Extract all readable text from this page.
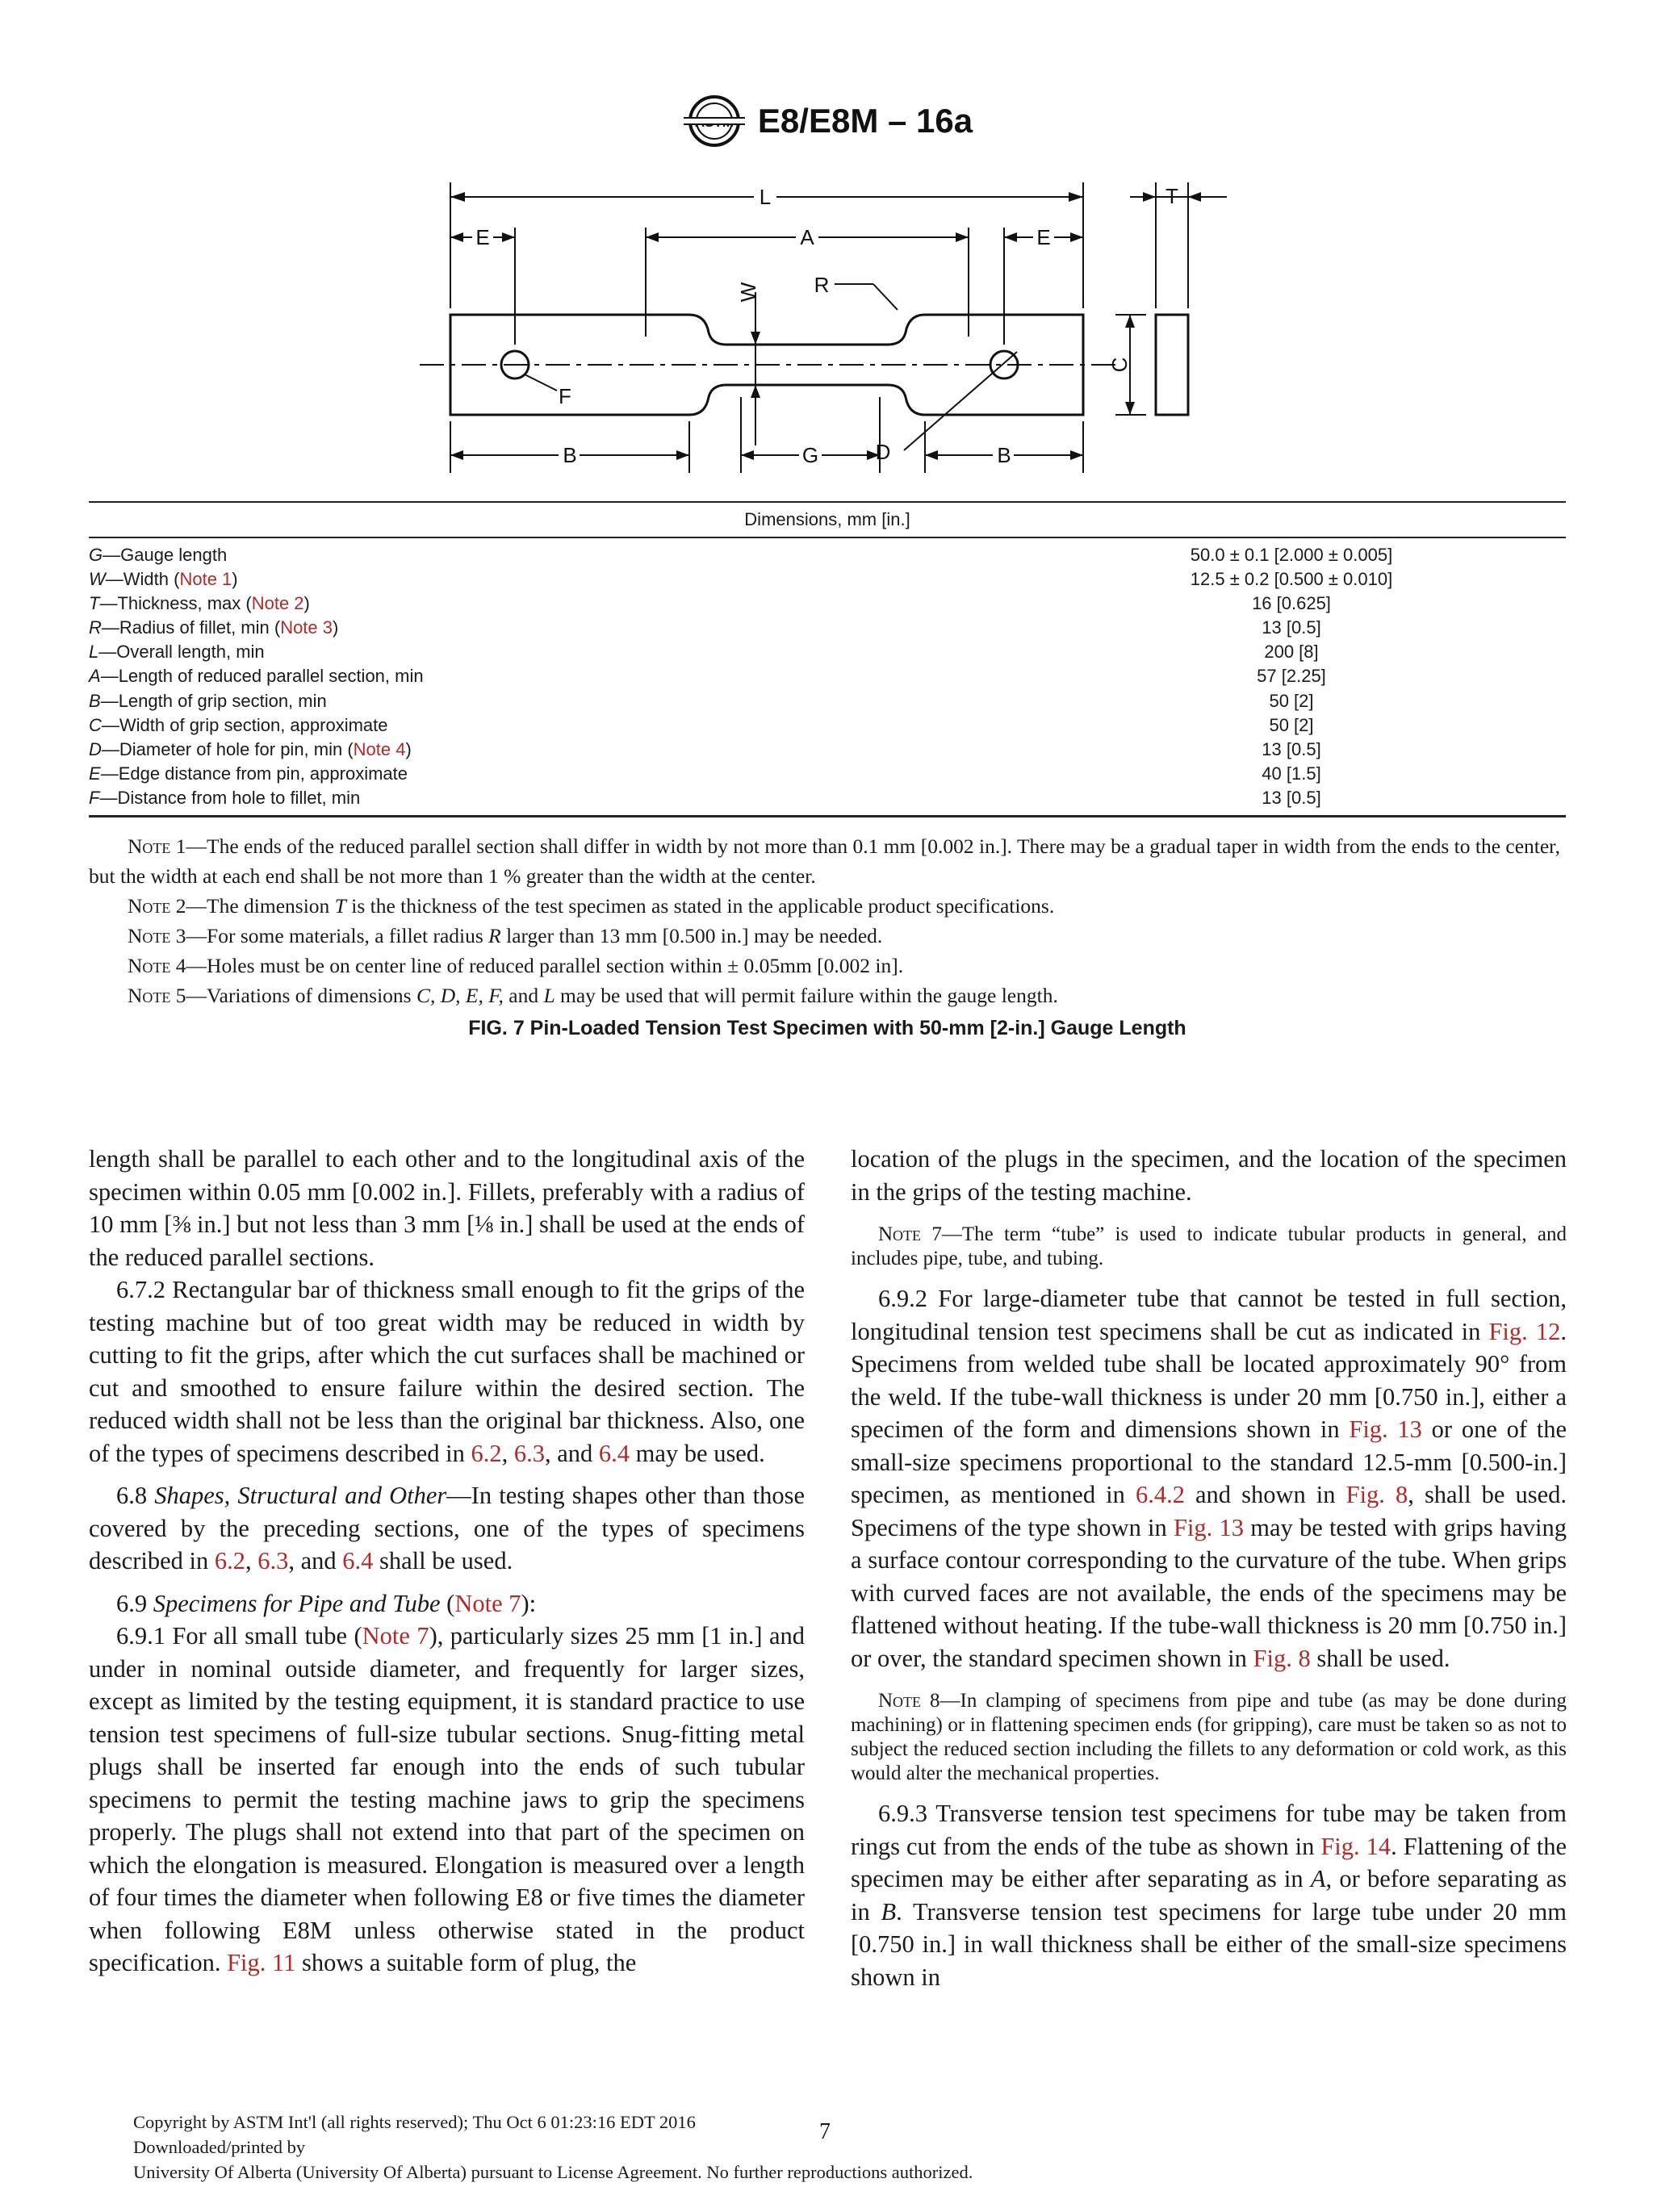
E8/E8M – 16a
L
E	E
A
T
W	R
F
C
B	B
G	D
Dimensions, mm [in.]
G—Gauge length	50.0 ± 0.1 [2.000 ± 0.005]
W—Width (Note 1)	12.5 ± 0.2 [0.500 ± 0.010]
T—Thickness, max (Note 2)	16 [0.625]
R—Radius of fillet, min (Note 3)	13 [0.5]
L—Overall length, min	200 [8]
A—Length of reduced parallel section, min	57 [2.25]
B—Length of grip section, min	50 [2]
C—Width of grip section, approximate	50 [2]
D—Diameter of hole for pin, min (Note 4)	13 [0.5]
E—Edge distance from pin, approximate	40 [1.5]
F—Distance from hole to fillet, min	13 [0.5]

Note 1—The ends of the reduced parallel section shall differ in width by not more than 0.1 mm [0.002 in.]. There may be a gradual taper in width from the ends to the center, but the width at each end shall be not more than 1 % greater than the width at the center.

Note 2—The dimension T is the thickness of the test specimen as stated in the applicable product specifications.

Note 3—For some materials, a fillet radius R larger than 13 mm [0.500 in.] may be needed.

Note 4—Holes must be on center line of reduced parallel section within ± 0.05mm [0.002 in].

Note 5—Variations of dimensions C, D, E, F, and L may be used that will permit failure within the gauge length.

FIG. 7 Pin-Loaded Tension Test Specimen with 50-mm [2-in.] Gauge Length

length shall be parallel to each other and to the longitudinal axis of the specimen within 0.05 mm [0.002 in.]. Fillets, preferably with a radius of 10 mm [⅜ in.] but not less than 3 mm [⅛ in.] shall be used at the ends of the reduced parallel sections.

6.7.2 Rectangular bar of thickness small enough to fit the grips of the testing machine but of too great width may be reduced in width by cutting to fit the grips, after which the cut surfaces shall be machined or cut and smoothed to ensure failure within the desired section. The reduced width shall not be less than the original bar thickness. Also, one of the types of specimens described in 6.2, 6.3, and 6.4 may be used.

6.8 Shapes, Structural and Other—In testing shapes other than those covered by the preceding sections, one of the types of specimens described in 6.2, 6.3, and 6.4 shall be used.

6.9 Specimens for Pipe and Tube (Note 7):

6.9.1 For all small tube (Note 7), particularly sizes 25 mm [1 in.] and under in nominal outside diameter, and frequently for larger sizes, except as limited by the testing equipment, it is standard practice to use tension test specimens of full-size tubular sections. Snug-fitting metal plugs shall be inserted far enough into the ends of such tubular specimens to permit the testing machine jaws to grip the specimens properly. The plugs shall not extend into that part of the specimen on which the elongation is measured. Elongation is measured over a length of four times the diameter when following E8 or five times the diameter when following E8M unless otherwise stated in the product specification. Fig. 11 shows a suitable form of plug, the

location of the plugs in the specimen, and the location of the specimen in the grips of the testing machine.

Note 7—The term “tube” is used to indicate tubular products in general, and includes pipe, tube, and tubing.

6.9.2 For large-diameter tube that cannot be tested in full section, longitudinal tension test specimens shall be cut as indicated in Fig. 12. Specimens from welded tube shall be located approximately 90° from the weld. If the tube-wall thickness is under 20 mm [0.750 in.], either a specimen of the form and dimensions shown in Fig. 13 or one of the small-size specimens proportional to the standard 12.5-mm [0.500-in.] specimen, as mentioned in 6.4.2 and shown in Fig. 8, shall be used. Specimens of the type shown in Fig. 13 may be tested with grips having a surface contour corresponding to the curvature of the tube. When grips with curved faces are not available, the ends of the specimens may be flattened without heating. If the tube-wall thickness is 20 mm [0.750 in.] or over, the standard specimen shown in Fig. 8 shall be used.

Note 8—In clamping of specimens from pipe and tube (as may be done during machining) or in flattening specimen ends (for gripping), care must be taken so as not to subject the reduced section including the fillets to any deformation or cold work, as this would alter the mechanical properties.

6.9.3 Transverse tension test specimens for tube may be taken from rings cut from the ends of the tube as shown in Fig. 14. Flattening of the specimen may be either after separating as in A, or before separating as in B. Transverse tension test specimens for large tube under 20 mm [0.750 in.] in wall thickness shall be either of the small-size specimens shown in

Copyright by ASTM Int'l (all rights reserved); Thu Oct 6 01:23:16 EDT 2016
Downloaded/printed by
University Of Alberta (University Of Alberta) pursuant to License Agreement. No further reproductions authorized.
7
